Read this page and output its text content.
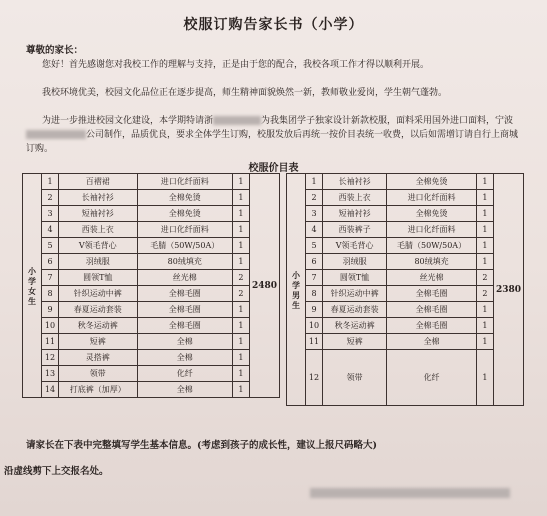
校服订购告家长书（小学）
尊敬的家长：
您好！首先感谢您对我校工作的理解与支持，正是由于您的配合，我校各项工作才得以顺利开展。
我校环境优美，校园文化品位正在逐步提高，师生精神面貌焕然一新，教师敬业爱岗，学生朝气蓬勃。
为进一步推进校园文化建设，本学期特请浙	为我集团学子独家设计新款校服，面料采用国外进口面料，宁波公司制作，品质优良，要求全体学生订购，校服发放后再统一按价目表统一收费，以后如需增订请自行上商城订购。
校服价目表
小学女生	1	百褶裙	进口化纤面料	1	2480
	2	长袖衬衫	全棉免烫	1	
	3	短袖衬衫	全棉免烫	1	
	4	西装上衣	进口化纤面料	1	
	5	V领毛背心	毛腈（50W/50A）	1	
	6	羽绒服	80绒填充	1	
	7	圆领T恤	丝光棉	2	
	8	针织运动中裤	全棉毛圈	2	
	9	春夏运动套装	全棉毛圈	1	
	10	秋冬运动裤	全棉毛圈	1	
	11	短裤	全棉	1	
	12	灵搭裤	全棉	1	
	13	领带	化纤	1	
	14	打底裤（加厚）	全棉	1	
小学男生	1	长袖衬衫	全棉免烫	1	2380
	2	西装上衣	进口化纤面料	1	
	3	短袖衬衫	全棉免烫	1	
	4	西装裤子	进口化纤面料	1	
	5	V领毛背心	毛腈（50W/50A）	1	
	6	羽绒服	80绒填充	1	
	7	圆领T恤	丝光棉	2	
	8	针织运动中裤	全棉毛圈	2	
	9	春夏运动套装	全棉毛圈	1	
	10	秋冬运动裤	全棉毛圈	1	
	11	短裤	全棉	1	
	12	领带	化纤	1	
请家长在下表中完整填写学生基本信息。(考虑到孩子的成长性，建议上报尺码略大)
沿虚线剪下上交报名处。
